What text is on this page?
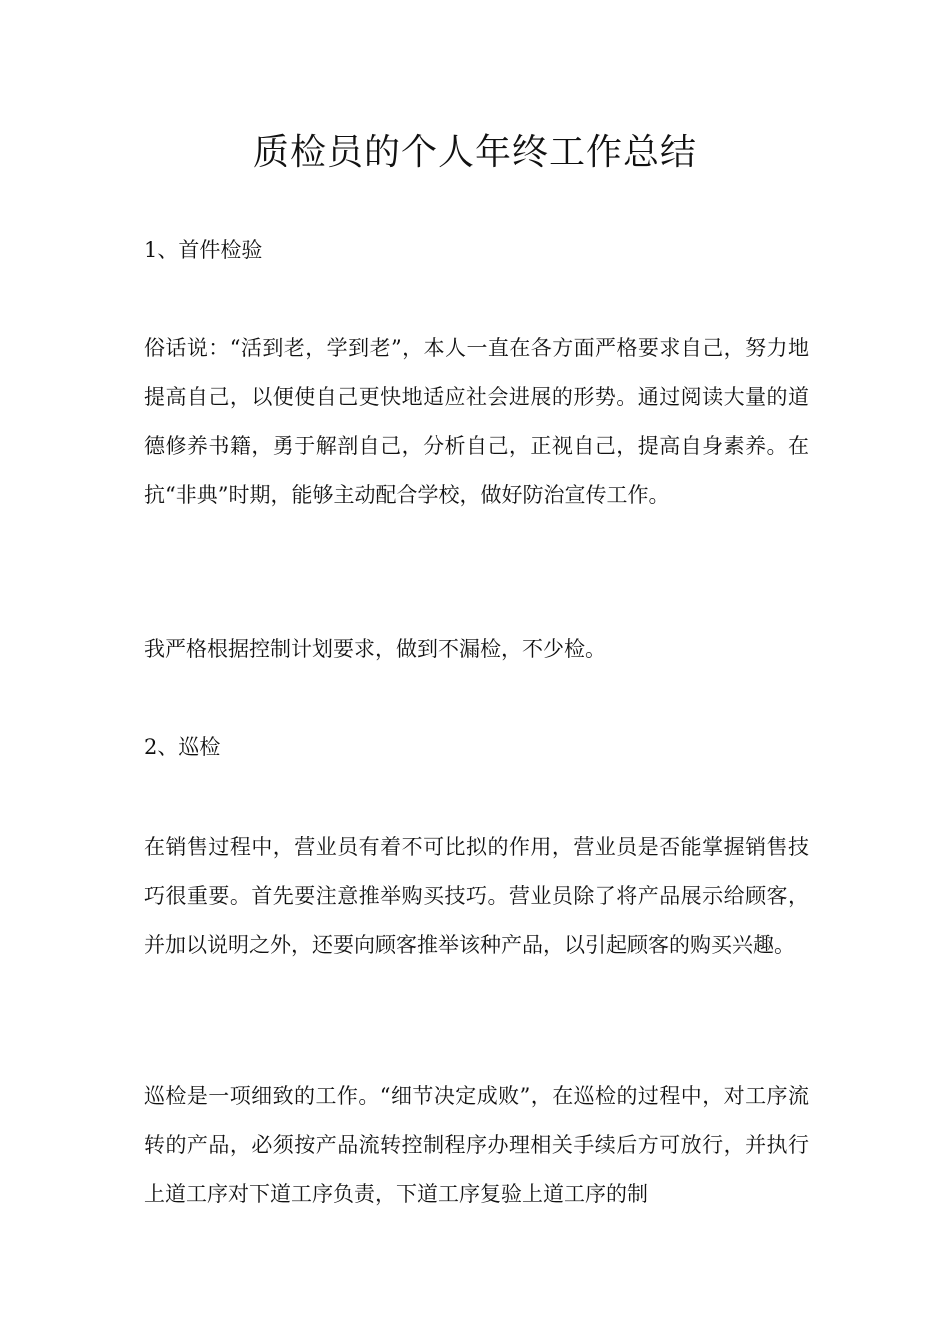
质检员的个人年终工作总结

1、首件检验

俗话说：“活到老，学到老”，本人一直在各方面严格要求自己，努力地提高自己，以便使自己更快地适应社会进展的形势。通过阅读大量的道德修养书籍，勇于解剖自己，分析自己，正视自己，提高自身素养。在抗“非典”时期，能够主动配合学校，做好防治宣传工作。

我严格根据控制计划要求，做到不漏检，不少检。

2、巡检

在销售过程中，营业员有着不可比拟的作用，营业员是否能掌握销售技巧很重要。首先要注意推举购买技巧。营业员除了将产品展示给顾客，并加以说明之外，还要向顾客推举该种产品，以引起顾客的购买兴趣。

巡检是一项细致的工作。“细节决定成败”，在巡检的过程中，对工序流转的产品，必须按产品流转控制程序办理相关手续后方可放行，并执行上道工序对下道工序负责，下道工序复验上道工序的制
